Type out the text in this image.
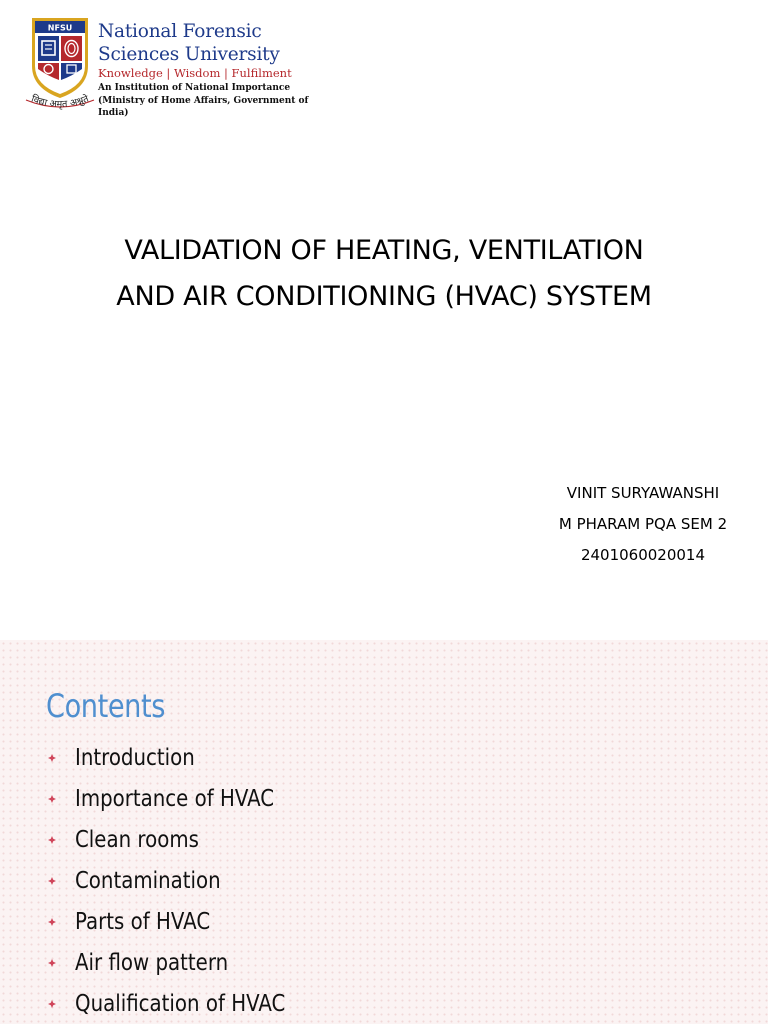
NFSU
विद्या अमृत अश्नुते
National Forensic
Sciences University
Knowledge | Wisdom | Fulfilment
An Institution of National Importance
(Ministry of Home Affairs, Government of India)
VALIDATION OF HEATING, VENTILATION
AND AIR CONDITIONING (HVAC) SYSTEM
VINIT SURYAWANSHI
M PHARAM PQA SEM 2
2401060020014
Contents
Introduction
Importance of HVAC
Clean rooms
Contamination
Parts of HVAC
Air flow pattern
Qualification of HVAC
